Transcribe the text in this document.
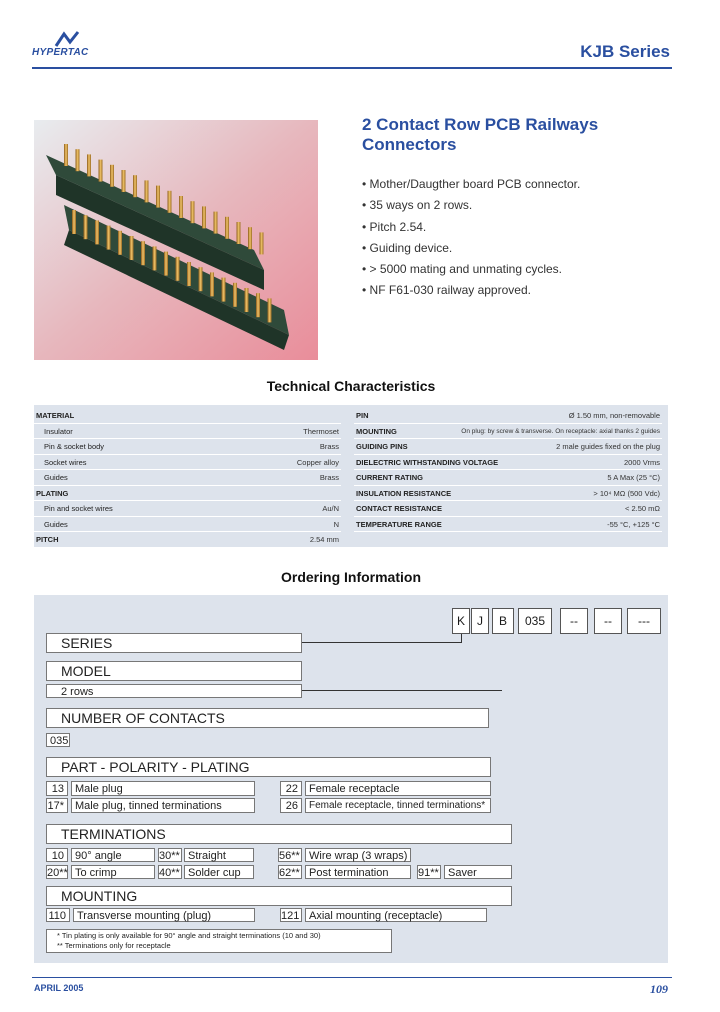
HYPERTAC	KJB Series
2 Contact Row PCB Railways
Connectors
• Mother/Daugther board PCB connector.
• 35 ways on 2 rows.
• Pitch 2.54.
• Guiding device.
• > 5000 mating and unmating cycles.
• NF F61-030 railway approved.
Technical Characteristics
MATERIAL
Insulator	Thermoset
Pin & socket body	Brass
Socket wires	Copper alloy
Guides	Brass
PLATING
Pin and socket wires	Au/N
Guides	N
PITCH	2.54 mm
PIN	Ø 1.50 mm, non-removable
MOUNTING	On plug: by screw & transverse. On receptacle: axial thanks 2 guides
GUIDING PINS	2 male guides fixed on the plug
DIELECTRIC WITHSTANDING VOLTAGE	2000 Vrms
CURRENT RATING	5 A Max (25 °C)
INSULATION RESISTANCE	> 10⁴ MΩ (500 Vdc)
CONTACT RESISTANCE	< 2.50 mΩ
TEMPERATURE RANGE	-55 °C, +125 °C
Ordering Information
K	J	B	035	--	--	---
SERIES
MODEL
2 rows
NUMBER OF CONTACTS
035
PART - POLARITY - PLATING
13	Male plug	22	Female receptacle
17*	Male plug, tinned terminations	26	Female receptacle, tinned terminations*
TERMINATIONS
10	90° angle	30** Straight	56** Wire wrap (3 wraps)
20** To crimp	40** Solder cup	62** Post termination	91** Saver
MOUNTING
110	Transverse mounting (plug)	121 Axial mounting (receptacle)
* Tin plating is only available for 90° angle and straight terminations (10 and 30)
** Terminations only for receptacle
APRIL 2005	109
